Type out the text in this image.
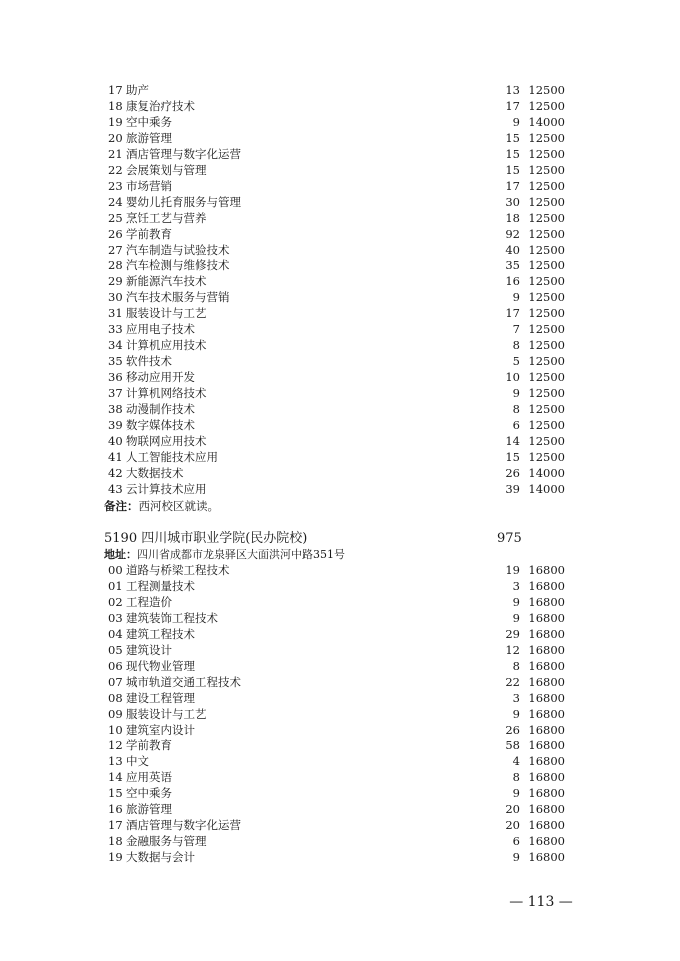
17 助产	13 12500
18 康复治疗技术	17 12500
19 空中乘务	9 14000
20 旅游管理	15 12500
21 酒店管理与数字化运营	15 12500
22 会展策划与管理	15 12500
23 市场营销	17 12500
24 婴幼儿托育服务与管理	30 12500
25 烹饪工艺与营养	18 12500
26 学前教育	92 12500
27 汽车制造与试验技术	40 12500
28 汽车检测与维修技术	35 12500
29 新能源汽车技术	16 12500
30 汽车技术服务与营销	9 12500
31 服装设计与工艺	17 12500
33 应用电子技术	7 12500
34 计算机应用技术	8 12500
35 软件技术	5 12500
36 移动应用开发	10 12500
37 计算机网络技术	9 12500
38 动漫制作技术	8 12500
39 数字媒体技术	6 12500
40 物联网应用技术	14 12500
41 人工智能技术应用	15 12500
42 大数据技术	26 14000
43 云计算技术应用	39 14000
备注：西河校区就读。
5190 四川城市职业学院(民办院校)	975
地址：四川省成都市龙泉驿区大面洪河中路351号
00 道路与桥梁工程技术	19 16800
01 工程测量技术	3 16800
02 工程造价	9 16800
03 建筑装饰工程技术	9 16800
04 建筑工程技术	29 16800
05 建筑设计	12 16800
06 现代物业管理	8 16800
07 城市轨道交通工程技术	22 16800
08 建设工程管理	3 16800
09 服装设计与工艺	9 16800
10 建筑室内设计	26 16800
12 学前教育	58 16800
13 中文	4 16800
14 应用英语	8 16800
15 空中乘务	9 16800
16 旅游管理	20 16800
17 酒店管理与数字化运营	20 16800
18 金融服务与管理	6 16800
19 大数据与会计	9 16800
— 113 —
